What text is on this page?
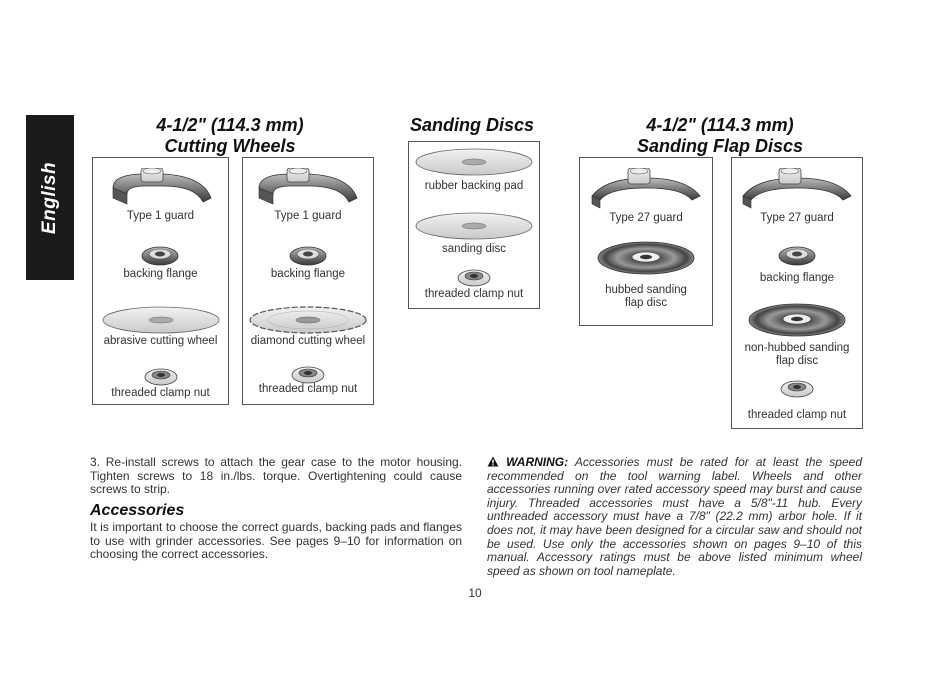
English
4-1/2" (114.3 mm)
Cutting Wheels
Sanding Discs	4-1/2" (114.3 mm)
Sanding Flap Discs
Type 1 guard
backing flange
abrasive cutting wheel
threaded clamp nut
Type 1 guard
backing flange
diamond cutting wheel
threaded clamp nut
rubber backing pad
sanding disc
threaded clamp nut
Type 27 guard
hubbed sanding
flap disc
Type 27 guard
backing flange
non-hubbed sanding
flap disc
threaded clamp nut
3. Re-install screws to attach the gear case to the motor housing. Tighten screws to 18 in./lbs. torque. Overtightening could cause screws to strip.
Accessories
It is important to choose the correct guards, backing pads and flanges to use with grinder accessories. See pages 9–10 for information on choosing the correct accessories.
WARNING: Accessories must be rated for at least the speed recommended on the tool warning label. Wheels and other accessories running over rated accessory speed may burst and cause injury. Threaded accessories must have a 5/8"-11 hub. Every unthreaded accessory must have a 7/8" (22.2 mm) arbor hole. If it does not, it may have been designed for a circular saw and should not be used. Use only the accessories shown on pages 9–10 of this manual. Accessory ratings must be above listed minimum wheel speed as shown on tool nameplate.
10
